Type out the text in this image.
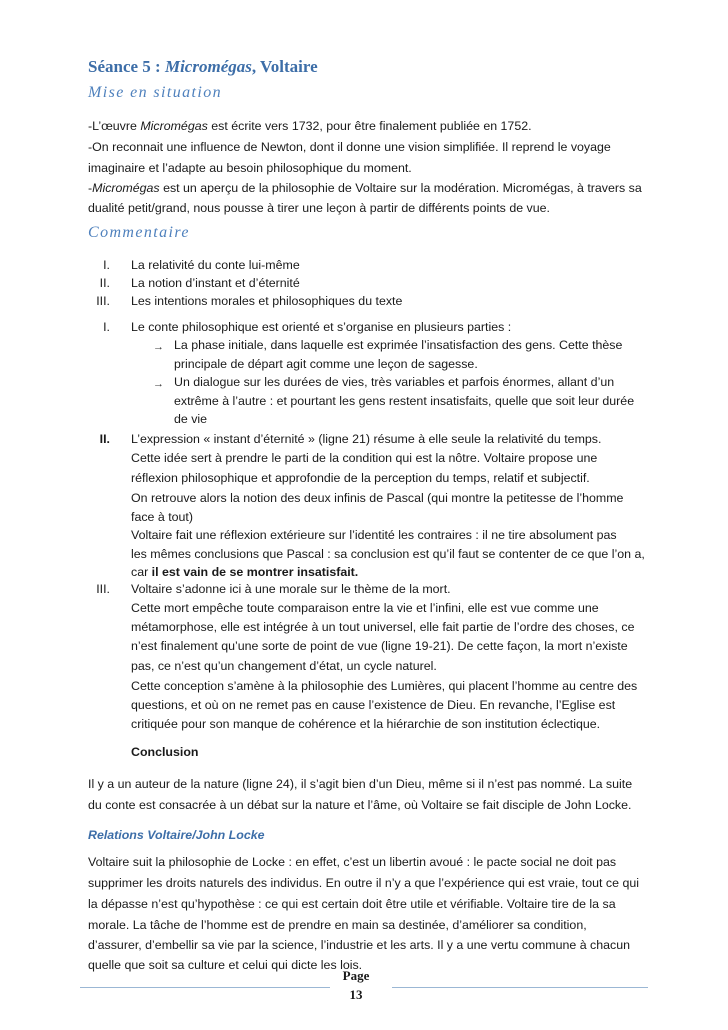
Séance 5 : Micromégas, Voltaire
Mise en situation
-L’œuvre Micromégas est écrite vers 1732, pour être finalement publiée en 1752.
-On reconnait une influence de Newton, dont il donne une vision simplifiée. Il reprend le voyage
imaginaire et l’adapte au besoin philosophique du moment.
-Micromégas est un aperçu de la philosophie de Voltaire sur la modération. Micromégas, à travers sa
dualité petit/grand, nous pousse à tirer une leçon à partir de différents points de vue.
Commentaire
I. La relativité du conte lui-même
II. La notion d’instant et d’éternité
III. Les intentions morales et philosophiques du texte
I. Le conte philosophique est orienté et s’organise en plusieurs parties :
→ La phase initiale, dans laquelle est exprimée l’insatisfaction des gens. Cette thèse
principale de départ agit comme une leçon de sagesse.
→ Un dialogue sur les durées de vies, très variables et parfois énormes, allant d’un
extrême à l’autre : et pourtant les gens restent insatisfaits, quelle que soit leur durée
de vie
II. L’expression « instant d’éternité » (ligne 21) résume à elle seule la relativité du temps.
Cette idée sert à prendre le parti de la condition qui est la nôtre. Voltaire propose une
réflexion philosophique et approfondie de la perception du temps, relatif et subjectif.
On retrouve alors la notion des deux infinis de Pascal (qui montre la petitesse de l’homme
face à tout)
Voltaire fait une réflexion extérieure sur l’identité les contraires : il ne tire absolument pas
les mêmes conclusions que Pascal : sa conclusion est qu’il faut se contenter de ce que l’on a,
car il est vain de se montrer insatisfait.
III. Voltaire s’adonne ici à une morale sur le thème de la mort.
Cette mort empêche toute comparaison entre la vie et l’infini, elle est vue comme une
métamorphose, elle est intégrée à un tout universel, elle fait partie de l’ordre des choses, ce
n’est finalement qu’une sorte de point de vue (ligne 19-21). De cette façon, la mort n’existe
pas, ce n’est qu’un changement d’état, un cycle naturel.
Cette conception s’amène à la philosophie des Lumières, qui placent l’homme au centre des
questions, et où on ne remet pas en cause l’existence de Dieu. En revanche, l’Eglise est
critiquée pour son manque de cohérence et la hiérarchie de son institution éclectique.
Conclusion
Il y a un auteur de la nature (ligne 24), il s’agit bien d’un Dieu, même si il n’est pas nommé. La suite
du conte est consacrée à un débat sur la nature et l’âme, où Voltaire se fait disciple de John Locke.
Relations Voltaire/John Locke
Voltaire suit la philosophie de Locke : en effet, c’est un libertin avoué : le pacte social ne doit pas
supprimer les droits naturels des individus. En outre il n’y a que l’expérience qui est vraie, tout ce qui
la dépasse n’est qu’hypothèse : ce qui est certain doit être utile et vérifiable. Voltaire tire de la sa
morale. La tâche de l’homme est de prendre en main sa destinée, d’améliorer sa condition,
d’assurer, d’embellir sa vie par la science, l’industrie et les arts. Il y a une vertu commune à chacun
quelle que soit sa culture et celui qui dicte les lois.
Page
13
